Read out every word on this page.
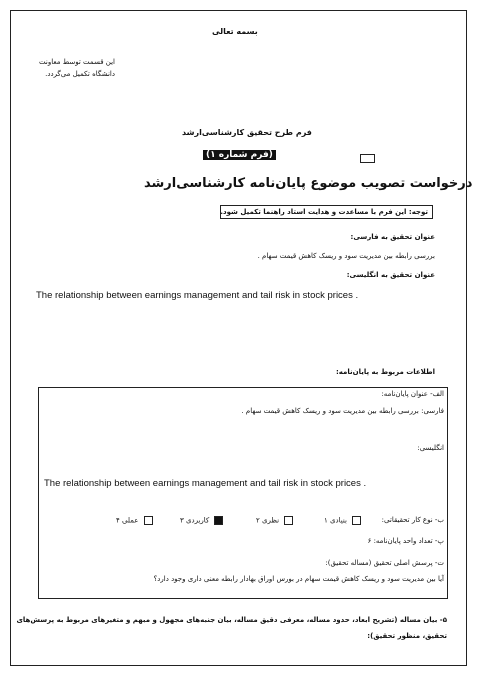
بسمه تعالی
این قسمت توسط معاونت
دانشگاه تکمیل می‌گردد.
فرم طرح تحقیق کارشناسی‌ارشد
(فرم شماره ۱)
درخواست تصویب موضوع پایان‌نامه کارشناسی‌ارشد
توجه: این فرم با مساعدت و هدایت استاد راهنما تکمیل شود.
عنوان تحقیق به فارسی:
بررسی رابطه بین مدیریت سود و ریسک کاهش قیمت سهام .
عنوان تحقیق به انگلیسی:
The relationship between earnings management and tail risk in stock prices .
اطلاعات مربوط به پایان‌نامه:
الف- عنوان پایان‌نامه:
فارسی: بررسی رابطه بین مدیریت سود و ریسک کاهش قیمت سهام .
انگلیسی:
The relationship between earnings management and tail risk in stock prices .
ب- نوع کار تحقیقاتی:
بنیادی ۱
نظری ۲
کاربردی ۳
عملی ۴
پ- تعداد واحد پایان‌نامه: ۶
ت- پرسش اصلی تحقیق (مساله تحقیق):
آیا بین مدیریت سود و ریسک کاهش قیمت سهام در بورس اوراق بهادار رابطه معنی داری وجود دارد؟
۵- بیان مساله (تشریح ابعاد، حدود مساله، معرفی دقیق مساله، بیان جنبه‌های مجهول و مبهم و متغیرهای مربوط به پرسش‌های
تحقیق، منظور تحقیق):
